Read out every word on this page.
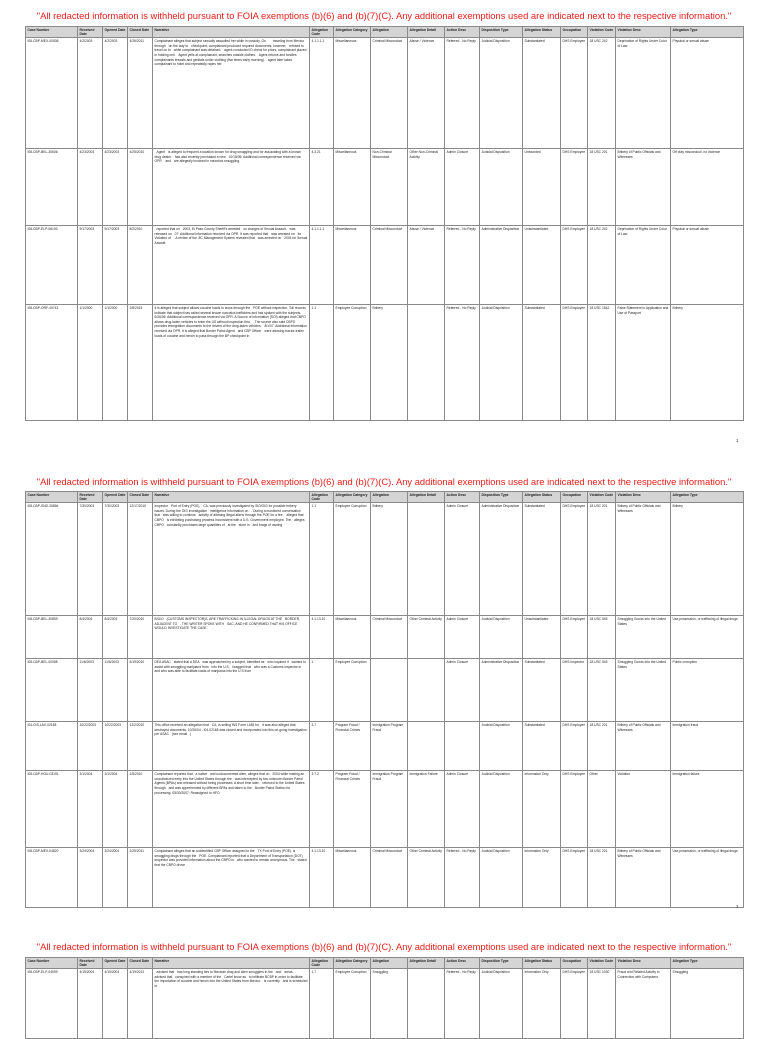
"All redacted information is withheld pursuant to FOIA exemptions (b)(6) and (b)(7)(C). Any additional exemptions used are indicated next to the respective information."
Case Number	Received Date	Opened Date	Closed Date	Narrative	Allegation Code	Allegation Category	Allegation	Allegation Detail	Action Desc	Disposition Type	Allegation Status	Occupation	Violation Code	Violation Desc	Allegation Type
I08-CBP-MEX-00536	4/2/2003	4/2/2003	4/26/2011	Complainant alleges that subject sexually assaulted her while in custody. On traveling from Mexico through on the way to checkpoint; complainant produced required documents; however, refused to travel on to while complainant was detained. agent conducted ID check for priors, complainant placed in holding cell. Agent yells at complainant, searches outside clothes. Agent returns and fondles complainants breasts and genitals under clothing (five times early morning). agent later takes complainant to hotel and repeatedly rapes her.	4.1.1.1.1	Miscellaneous	Criminal Misconduct	Abuse / Violence	Referred - No Reply	Judicial Disposition	Substantiated	DHS Employee	18 USC 242	Deprivation of Rights Under Color of Law	Physical or sexual abuse
I08-CBP-BEL-30606	4/23/2003	4/23/2003	4/25/2010	Agent is alleged to frequent a location known for drug smuggling and for associating with a known drug dealer. has also recently purchased a new 10/18/05: Additional correspondence received via OPR. and are allegedly involved in narcotics smuggling.	4.3.21	Miscellaneous	Non-Criminal Misconduct	Other Non-Criminal Activity	Admin Closure	Judicial Disposition	Unfounded	DHS Employee	18 USC 201	Bribery of Public Officials and Witnesses	Off duty misconduct, no violence
I08-CBP-ELP-06193	9/17/2003	9/17/2003	8/2/2010	reported that on 2003, El Paso County Sheriff's arrested on charges of Sexual Assault. was released on 07: Additional information received via OPR. It was reported that was arrested on for Violation of . A review of the JIC Management System revealed that was arrested on 2004 for Sexual Assault	4.1.1.1.1	Miscellaneous	Criminal Misconduct	Abuse / Violence	Referred - No Reply	Administrative Disposition	Unsubstantiated	DHS Employee	18 USC 242	Deprivation of Rights Under Color of Law	Physical or sexual abuse
I08-CBP-ORF-40743	1/1/2000	1/1/2000	2/8/2015	It is alleged that subject allows cocaine loads to cross through the POE without inspection. Toll records indicate that subject has called several known narcotics traffickers and has spoken with the subjects. 6/26/06: Additional correspondence received via OPR. A Source of Information (SOI) alleged that CBPO allows drug-laden vehicles to enter the US without inspection thru . The source also said CBPO provides immigration documents to the drivers of the drug-laden vehicles. 8/1/07: Additional information received via OPR. It is alleged that Border Patrol Agent and CBP Officer were allowing tractor-trailer loads of cocaine and heroin to pass through the BP checkpoint in	1.1	Employee Corruption	Bribery		Referred - No Reply	Judicial Disposition	Substantiated	DHS Employee	18 USC 1542	False Statement in Application and Use of Passport	Bribery
1
"All redacted information is withheld pursuant to FOIA exemptions (b)(6) and (b)(7)(C). Any additional exemptions used are indicated next to the respective information."
Case Number	Received Date	Opened Date	Closed Date	Narrative	Allegation Code	Allegation Category	Allegation	Allegation Detail	Action Desc	Disposition Type	Allegation Status	Occupation	Violation Code	Violation Desc	Allegation Type
I08-CBP-SND-30856	7/30/2003	7/30/2003	12/17/2010	Inspector Port of Entry (POE), CA, was previously investigated by SIO/OIG for possible bribery issues. During the OIG investigation intelligence information on . During a monitored conversation that was willing to continue activity of allowing illegal aliens through the POE for a fee. alleged that CBPO is exhibiting purchasing prowess inconsistent with a U.S. Government employee. The alleges CBPO constantly purchases large quantities of at the store in and brags of owning	1.1	Employee Corruption	Bribery		Admin Closure	Administrative Disposition	Substantiated	DHS Employee	18 USC 201	Bribery of Public Officials and Witnesses	Bribery
I08-CBP-BEL-30859	8/4/2003	8/4/2003	7/20/2010	B/G/O (CUSTOMS INSPECTOR)S, ARE TRAFFICKING IN ILLEGAL DRUGS AT THE BORDER, ADJACENT TO . THE WRITER SPOKE WITH SAC, AND HE CONFIRMED THAT HIS OFFICE WOULD INVESTIGATE THE CASE.	4.1.13.10	Miscellaneous	Criminal Misconduct	Other Criminal Activity	Admin Closure	Judicial Disposition	Unsubstantiated	DHS Employee	18 USC 545	Smuggling Goods into the United States	Use,possession, or trafficking of illegal drugs
I08-CBP-BEL-00088	11/6/2003	11/6/2003	5/19/2010	DEA ASAC stated that a DEA was approached by a subject, identified as who inquired if wanted to assist with smuggling marijuana from into the U.S. bragged that who was a Customs inspector in and who was able to facilitate loads of marijuana into the U S from	1	Employee Corruption			Admin Closure	Administrative Disposition	Substantiated	DHS Inspector	18 USC 545	Smuggling Goods into the United States	Public corruption
I04-CIS-LAX-02168	10/22/2003	10/22/2003	12/2/2010	This office received an allegation that CA, is selling INS Form I-485 for It was also alleged that destroyed documents. 10/26/04 - I04-02168 was closed and incorporated into this on-going investigation per ASAC (see email )	3.7	Program Fraud / Financial Crimes	Immigration Program Fraud			Judicial Disposition	Substantiated	DHS Employee	18 USC 201	Bribery of Public Officials and Witnesses	Immigration fraud
I08-CBP-HOU-03191	3/1/2004	3/1/2004	1/5/2010	Complainant reported that a native and undocumented alien, alleges that on 2004 while making an unauthorized entry into the United States through the was intercepted by two unknown Border Patrol Agents (BPAs) and released without being processed. A short time later, returned to the United States through and was apprehended by different BPAs and taken to the Border Patrol Station for processing. 05/30/2007: Reassigned to HFO.	3.7.2	Program Fraud / Financial Crimes	Immigration Program Fraud	Immigration Failure	Admin Closure	Judicial Disposition	Information Only	DHS Employee	Other	Violation	Immigration failure
I08-CBP-MEX-04820	3/24/2004	3/24/2004	2/25/2011	Complainant alleges that an unidentified CBP Officer assigned to the TX Port of Entry (POE), is smuggling drugs through the POE. Complainant reported that a Department of Transportation (DOT) Inspector was provided information about the CBPO in who wanted to remain anonymous. The stated that the CBPO drove	4.1.13.10	Miscellaneous	Criminal Misconduct	Other Criminal Activity	Referred - No Reply	Judicial Disposition	Information Only	DHS Employee	18 USC 201	Bribery of Public Officials and Witnesses	Use,possession, or trafficking of illegal drugs
2
"All redacted information is withheld pursuant to FOIA exemptions (b)(6) and (b)(7)(C). Any additional exemptions used are indicated next to the respective information."
Case Number	Received Date	Opened Date	Closed Date	Narrative	Allegation Code	Allegation Category	Allegation	Allegation Detail	Action Desc	Disposition Type	Allegation Status	Occupation	Violation Code	Violation Desc	Allegation Type
I08-CBP-ELP-04099	4/15/2004	4/15/2004	4/19/2012	advised that has long standing ties to Mexican drug and alien smugglers in the and areas. advised that conspired with a member of the Cartel know as to infiltrate BCBP in order to facilitate the importation of cocaine and heroin into the United States from Mexico. is currently and is scheduled to	1.7	Employee Corruption	Smuggling		Referred - No Reply	Judicial Disposition	Information Only	DHS Employee	18 USC 1030	Fraud and Related Activity in Connection with Computers	Smuggling
